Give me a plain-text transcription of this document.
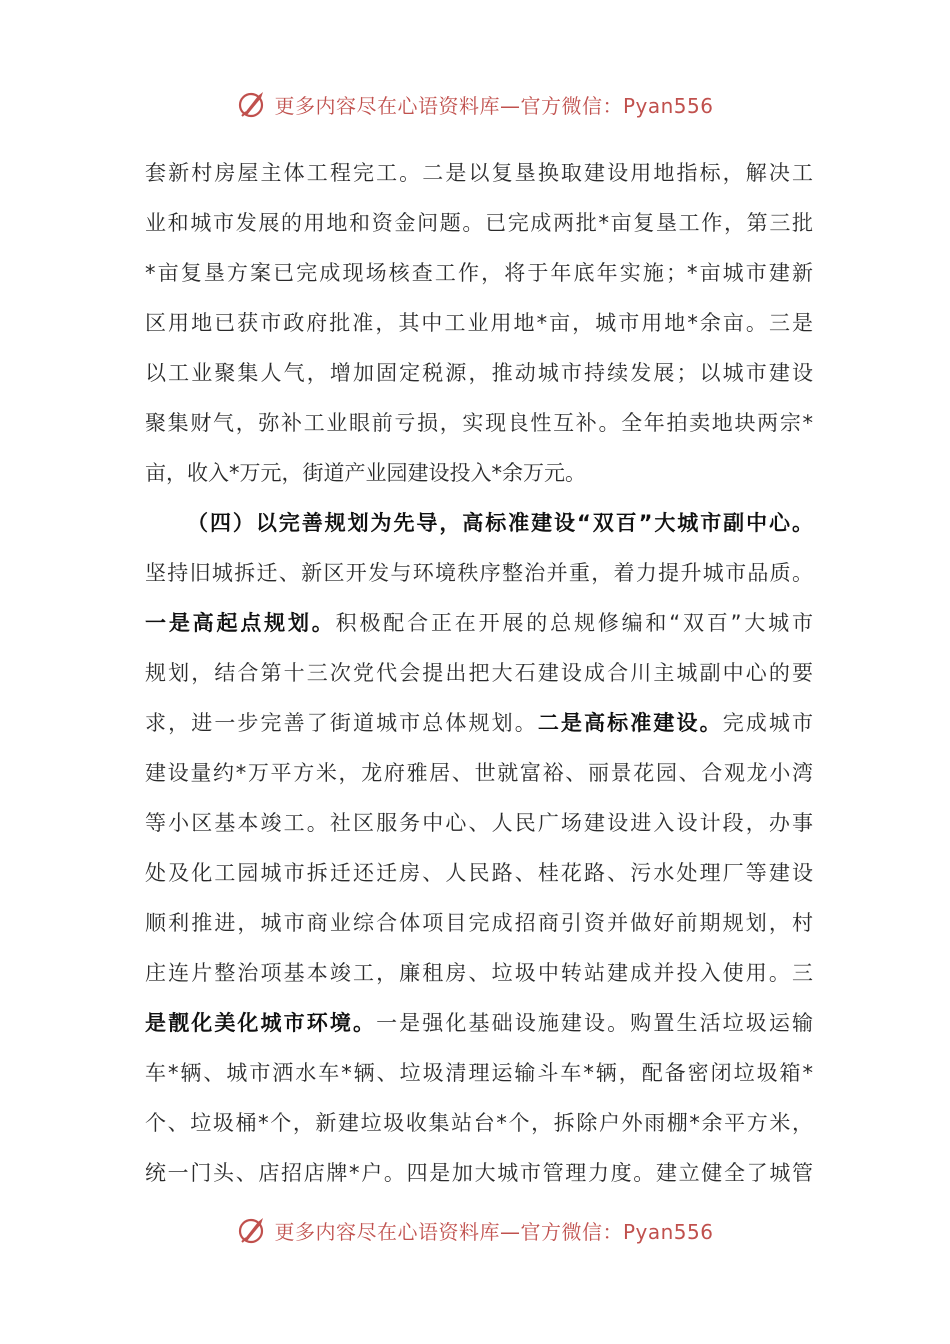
更多内容尽在心语资料库— 官方微信：Pyan556
套新村房屋主体工程完工。二是以复垦换取建设用地指标，解决工
业和城市发展的用地和资金问题。已完成两批*亩复垦工作，第三批
*亩复垦方案已完成现场核查工作，将于年底年实施；*亩城市建新
区用地已获市政府批准，其中工业用地*亩，城市用地*余亩。三是
以工业聚集人气，增加固定税源，推动城市持续发展；以城市建设
聚集财气，弥补工业眼前亏损，实现良性互补。全年拍卖地块两宗*
亩，收入*万元，街道产业园建设投入*余万元。
（四）以完善规划为先导，高标准建设“双百”大城市副中心。
坚持旧城拆迁、新区开发与环境秩序整治并重，着力提升城市品质。
一是高起点规划。积极配合正在开展的总规修编和“双百”大城市
规划，结合第十三次党代会提出把大石建设成合川主城副中心的要
求，进一步完善了街道城市总体规划。二是高标准建设。完成城市
建设量约*万平方米，龙府雅居、世就富裕、丽景花园、合观龙小湾
等小区基本竣工。社区服务中心、人民广场建设进入设计段，办事
处及化工园城市拆迁还迁房、人民路、桂花路、污水处理厂等建设
顺利推进，城市商业综合体项目完成招商引资并做好前期规划，村
庄连片整治项基本竣工，廉租房、垃圾中转站建成并投入使用。三
是靓化美化城市环境。一是强化基础设施建设。购置生活垃圾运输
车*辆、城市洒水车*辆、垃圾清理运输斗车*辆，配备密闭垃圾箱*
个、垃圾桶*个，新建垃圾收集站台*个，拆除户外雨棚*余平方米，
统一门头、店招店牌*户。四是加大城市管理力度。建立健全了城管
更多内容尽在心语资料库— 官方微信：Pyan556
